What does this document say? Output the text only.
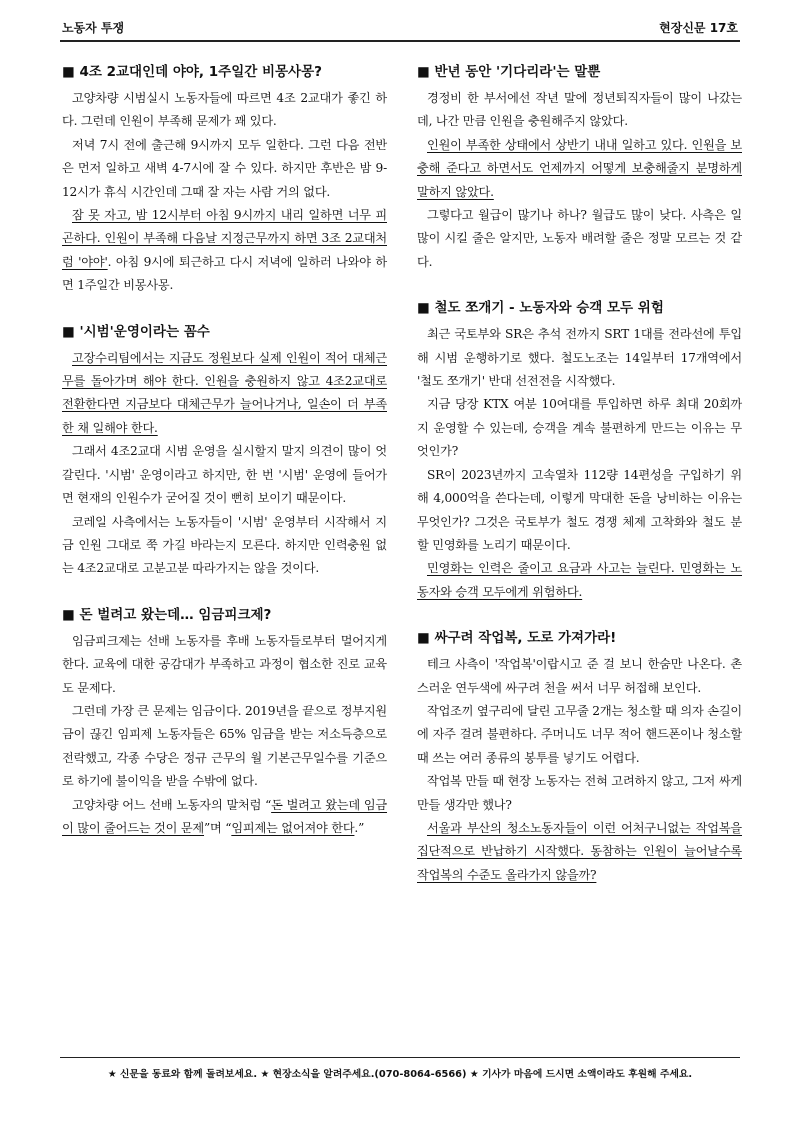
노동자 투쟁	현장신문 17호
■ 4조 2교대인데 야야, 1주일간 비몽사몽?

고양차량 시범실시 노동자들에 따르면 4조 2교대가 좋긴 하다. 그런데 인원이 부족해 문제가 꽤 있다.

저녁 7시 전에 출근해 9시까지 모두 일한다. 그런 다음 전반은 먼저 일하고 새벽 4-7시에 잘 수 있다. 하지만 후반은 밤 9-12시가 휴식 시간인데 그때 잘 자는 사람 거의 없다.

잠 못 자고, 밤 12시부터 아침 9시까지 내리 일하면 너무 피곤하다. 인원이 부족해 다음날 지정근무까지 하면 3조 2교대처럼 '야야'. 아침 9시에 퇴근하고 다시 저녁에 일하러 나와야 하면 1주일간 비몽사몽.

■ '시범'운영이라는 꼼수

고장수리팀에서는 지금도 정원보다 실제 인원이 적어 대체근무를 돌아가며 해야 한다. 인원을 충원하지 않고 4조2교대로 전환한다면 지금보다 대체근무가 늘어나거나, 일손이 더 부족한 채 일해야 한다.

그래서 4조2교대 시범 운영을 실시할지 말지 의견이 많이 엇갈린다. '시범' 운영이라고 하지만, 한 번 '시범' 운영에 들어가면 현재의 인원수가 굳어질 것이 뻔히 보이기 때문이다.

코레일 사측에서는 노동자들이 '시범' 운영부터 시작해서 지금 인원 그대로 쭉 가길 바라는지 모른다. 하지만 인력충원 없는 4조2교대로 고분고분 따라가지는 않을 것이다.

■ 돈 벌려고 왔는데… 임금피크제?

임금피크제는 선배 노동자를 후배 노동자들로부터 멀어지게 한다. 교육에 대한 공감대가 부족하고 과정이 협소한 진로 교육도 문제다.

그런데 가장 큰 문제는 임금이다. 2019년을 끝으로 정부지원금이 끊긴 임피제 노동자들은 65% 임금을 받는 저소득층으로 전락했고, 각종 수당은 정규 근무의 월 기본근무일수를 기준으로 하기에 불이익을 받을 수밖에 없다.

고양차량 어느 선배 노동자의 말처럼 “돈 벌려고 왔는데 임금이 많이 줄어드는 것이 문제”며 “임피제는 없어져야 한다.”

■ 반년 동안 '기다리라'는 말뿐

경정비 한 부서에선 작년 말에 정년퇴직자들이 많이 나갔는데, 나간 만큼 인원을 충원해주지 않았다.

인원이 부족한 상태에서 상반기 내내 일하고 있다. 인원을 보충해 준다고 하면서도 언제까지 어떻게 보충해줄지 분명하게 말하지 않았다.

그렇다고 월급이 많기나 하나? 월급도 많이 낮다. 사측은 일 많이 시킬 줄은 알지만, 노동자 배려할 줄은 정말 모르는 것 같다.

■ 철도 쪼개기 - 노동자와 승객 모두 위험

최근 국토부와 SR은 추석 전까지 SRT 1대를 전라선에 투입해 시범 운행하기로 했다. 철도노조는 14일부터 17개역에서 '철도 쪼개기' 반대 선전전을 시작했다.

지금 당장 KTX 여분 10여대를 투입하면 하루 최대 20회까지 운영할 수 있는데, 승객을 계속 불편하게 만드는 이유는 무엇인가?

SR이 2023년까지 고속열차 112량 14편성을 구입하기 위해 4,000억을 쓴다는데, 이렇게 막대한 돈을 낭비하는 이유는 무엇인가? 그것은 국토부가 철도 경쟁 체제 고착화와 철도 분할 민영화를 노리기 때문이다.

민영화는 인력은 줄이고 요금과 사고는 늘린다. 민영화는 노동자와 승객 모두에게 위험하다.

■ 싸구려 작업복, 도로 가져가라!

테크 사측이 '작업복'이랍시고 준 걸 보니 한숨만 나온다. 촌스러운 연두색에 싸구려 천을 써서 너무 허접해 보인다.

작업조끼 옆구리에 달린 고무줄 2개는 청소할 때 의자 손길이에 자주 걸려 불편하다. 주머니도 너무 적어 핸드폰이나 청소할 때 쓰는 여러 종류의 봉투를 넣기도 어렵다.

작업복 만들 때 현장 노동자는 전혀 고려하지 않고, 그저 싸게 만들 생각만 했나?

서울과 부산의 청소노동자들이 이런 어처구니없는 작업복을 집단적으로 반납하기 시작했다. 동참하는 인원이 늘어날수록 작업복의 수준도 올라가지 않을까?

★ 신문을 동료와 함께 돌려보세요. ★ 현장소식을 알려주세요.(070-8064-6566) ★ 기사가 마음에 드시면 소액이라도 후원해 주세요.
